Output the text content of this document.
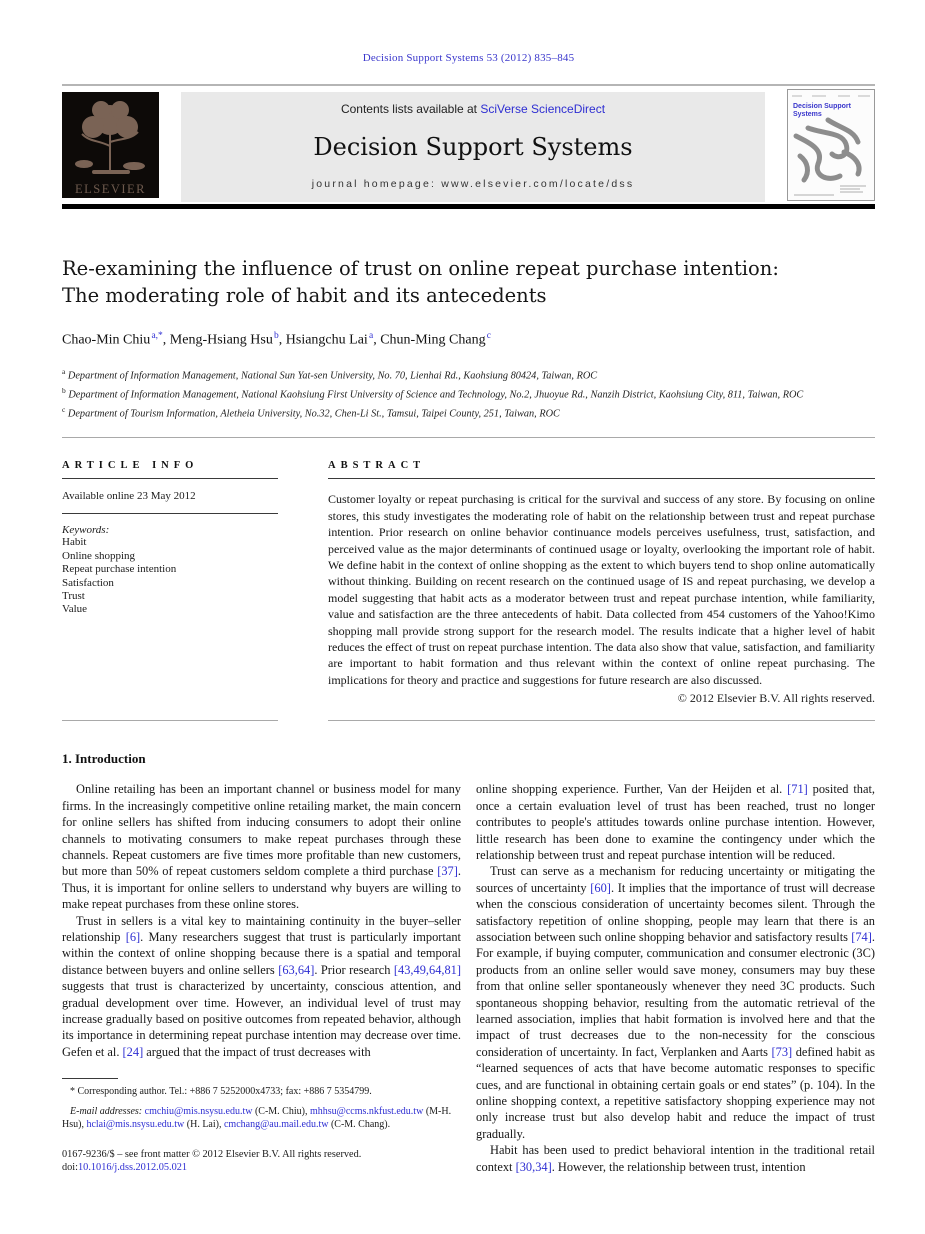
Decision Support Systems 53 (2012) 835–845
ELSEVIER
Contents lists available at SciVerse ScienceDirect
Decision Support Systems
journal homepage: www.elsevier.com/locate/dss
Decision Support Systems
Re-examining the influence of trust on online repeat purchase intention:
The moderating role of habit and its antecedents
Chao-Min Chiu $^{a,*}$, Meng-Hsiang Hsu $^b$, Hsiangchu Lai $^a$, Chun-Ming Chang $^c$
$^a$ Department of Information Management, National Sun Yat-sen University, No. 70, Lienhai Rd., Kaohsiung 80424, Taiwan, ROC
$^b$ Department of Information Management, National Kaohsiung First University of Science and Technology, No.2, Jhuoyue Rd., Nanzih District, Kaohsiung City, 811, Taiwan, ROC
$^c$ Department of Tourism Information, Aletheia University, No.32, Chen-Li St., Tamsui, Taipei County, 251, Taiwan, ROC
ARTICLE INFO

Available online 23 May 2012

Keywords:

Habit
Online shopping
Repeat purchase intention
Satisfaction
Trust
Value
ABSTRACT

Customer loyalty or repeat purchasing is critical for the survival and success of any store. By focusing on online stores, this study investigates the moderating role of habit on the relationship between trust and repeat purchase intention. Prior research on online behavior continuance models perceives usefulness, trust, satisfaction, and perceived value as the major determinants of continued usage or loyalty, overlooking the important role of habit. We define habit in the context of online shopping as the extent to which buyers tend to shop online automatically without thinking. Building on recent research on the continued usage of IS and repeat purchasing, we develop a model suggesting that habit acts as a moderator between trust and repeat purchase intention, while familiarity, value and satisfaction are the three antecedents of habit. Data collected from 454 customers of the Yahoo!Kimo shopping mall provide strong support for the research model. The results indicate that a higher level of habit reduces the effect of trust on repeat purchase intention. The data also show that value, satisfaction, and familiarity are important to habit formation and thus relevant within the context of online repeat purchasing. The implications for theory and practice and suggestions for future research are also discussed.

© 2012 Elsevier B.V. All rights reserved.

1. Introduction

Online retailing has been an important channel or business model for many firms. In the increasingly competitive online retailing market, the main concern for online sellers has shifted from inducing consumers to adopt their online channels to motivating consumers to make repeat purchases through these channels. Repeat customers are five times more profitable than new customers, but more than 50% of repeat customers seldom complete a third purchase [37]. Thus, it is important for online sellers to understand why buyers are willing to make repeat purchases from these online stores.

Trust in sellers is a vital key to maintaining continuity in the buyer–seller relationship [6]. Many researchers suggest that trust is particularly important within the context of online shopping because there is a spatial and temporal distance between buyers and online sellers [63,64]. Prior research [43,49,64,81] suggests that trust is characterized by uncertainty, conscious attention, and gradual development over time. However, an individual level of trust may increase gradually based on positive outcomes from repeated behavior, although its importance in determining repeat purchase intention may decrease over time. Gefen et al. [24] argued that the impact of trust decreases with

* Corresponding author. Tel.: +886 7 5252000x4733; fax: +886 7 5354799.

E-mail addresses: cmchiu@mis.nsysu.edu.tw (C-M. Chiu), mhhsu@ccms.nkfust.edu.tw (M-H. Hsu), hclai@mis.nsysu.edu.tw (H. Lai), cmchang@au.mail.edu.tw (C-M. Chang).

0167-9236/$ – see front matter © 2012 Elsevier B.V. All rights reserved.
doi:10.1016/j.dss.2012.05.021

online shopping experience. Further, Van der Heijden et al. [71] posited that, once a certain evaluation level of trust has been reached, trust no longer contributes to people's attitudes towards online purchase intention. However, little research has been done to examine the contingency under which the relationship between trust and repeat purchase intention will be reduced.

Trust can serve as a mechanism for reducing uncertainty or mitigating the sources of uncertainty [60]. It implies that the importance of trust will decrease when the conscious consideration of uncertainty becomes silent. Through the satisfactory repetition of online shopping, people may learn that there is an association between such online shopping behavior and satisfactory results [74]. For example, if buying computer, communication and consumer electronic (3C) products from an online seller would save money, consumers may buy these from that online seller spontaneously whenever they need 3C products. Such spontaneous shopping behavior, resulting from the automatic retrieval of the learned association, implies that habit formation is involved here and that the impact of trust decreases due to the non-necessity for the conscious consideration of uncertainty. In fact, Verplanken and Aarts [73] defined habit as “learned sequences of acts that have become automatic responses to specific cues, and are functional in obtaining certain goals or end states” (p. 104). In the online shopping context, a repetitive satisfactory shopping experience may not only increase trust but also develop habit and reduce the impact of trust gradually.

Habit has been used to predict behavioral intention in the traditional retail context [30,34]. However, the relationship between trust, intention
